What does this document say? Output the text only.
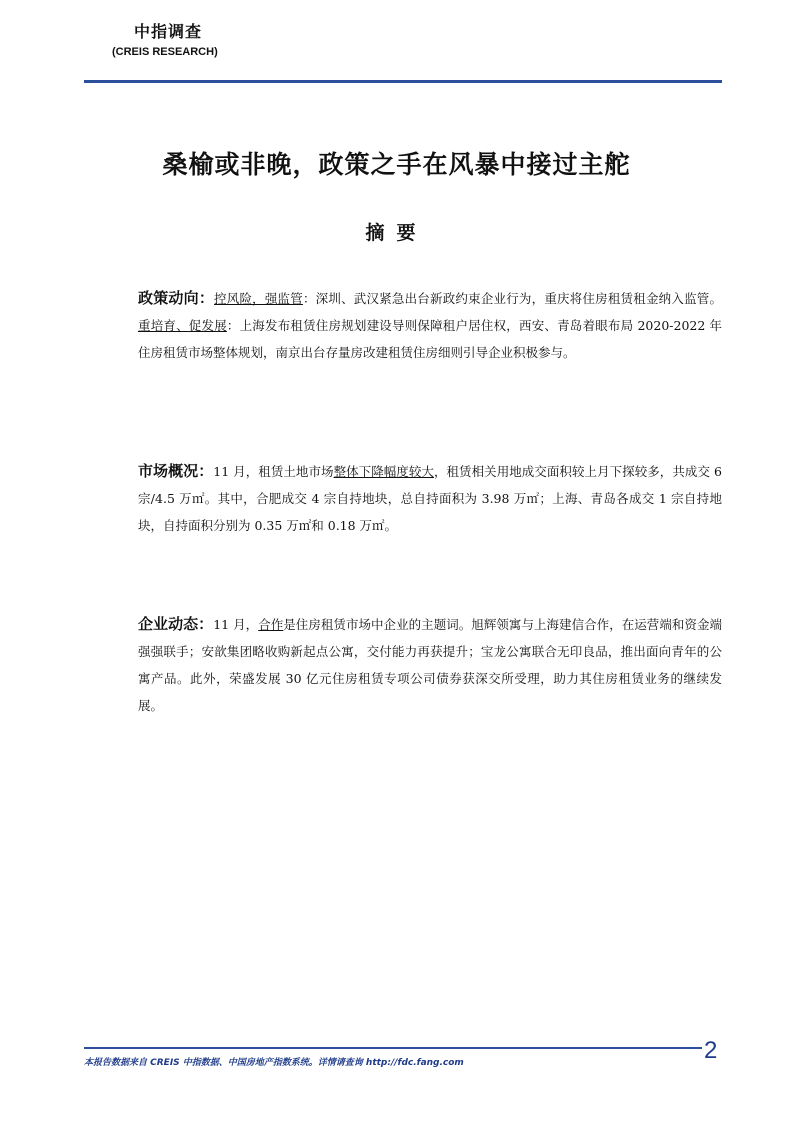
中指调查
(CREIS RESEARCH)
桑榆或非晚，政策之手在风暴中接过主舵
摘要
政策动向：控风险，强监管：深圳、武汉紧急出台新政约束企业行为，重庆将住房租赁租金纳入监管。重培育、促发展：上海发布租赁住房规划建设导则保障租户居住权，西安、青岛着眼布局 2020-2022 年住房租赁市场整体规划，南京出台存量房改建租赁住房细则引导企业积极参与。
市场概况：11 月，租赁土地市场整体下降幅度较大，租赁相关用地成交面积较上月下探较多，共成交 6 宗/4.5 万㎡。其中，合肥成交 4 宗自持地块，总自持面积为 3.98 万㎡；上海、青岛各成交 1 宗自持地块，自持面积分别为 0.35 万㎡和 0.18 万㎡。
企业动态：11 月，合作是住房租赁市场中企业的主题词。旭辉领寓与上海建信合作，在运营端和资金端强强联手；安歆集团略收购新起点公寓，交付能力再获提升；宝龙公寓联合无印良品，推出面向青年的公寓产品。此外，荣盛发展 30 亿元住房租赁专项公司债券获深交所受理，助力其住房租赁业务的继续发展。
本报告数据来自 CREIS 中指数据、中国房地产指数系统。详情请查询 http://fdc.fang.com	2
